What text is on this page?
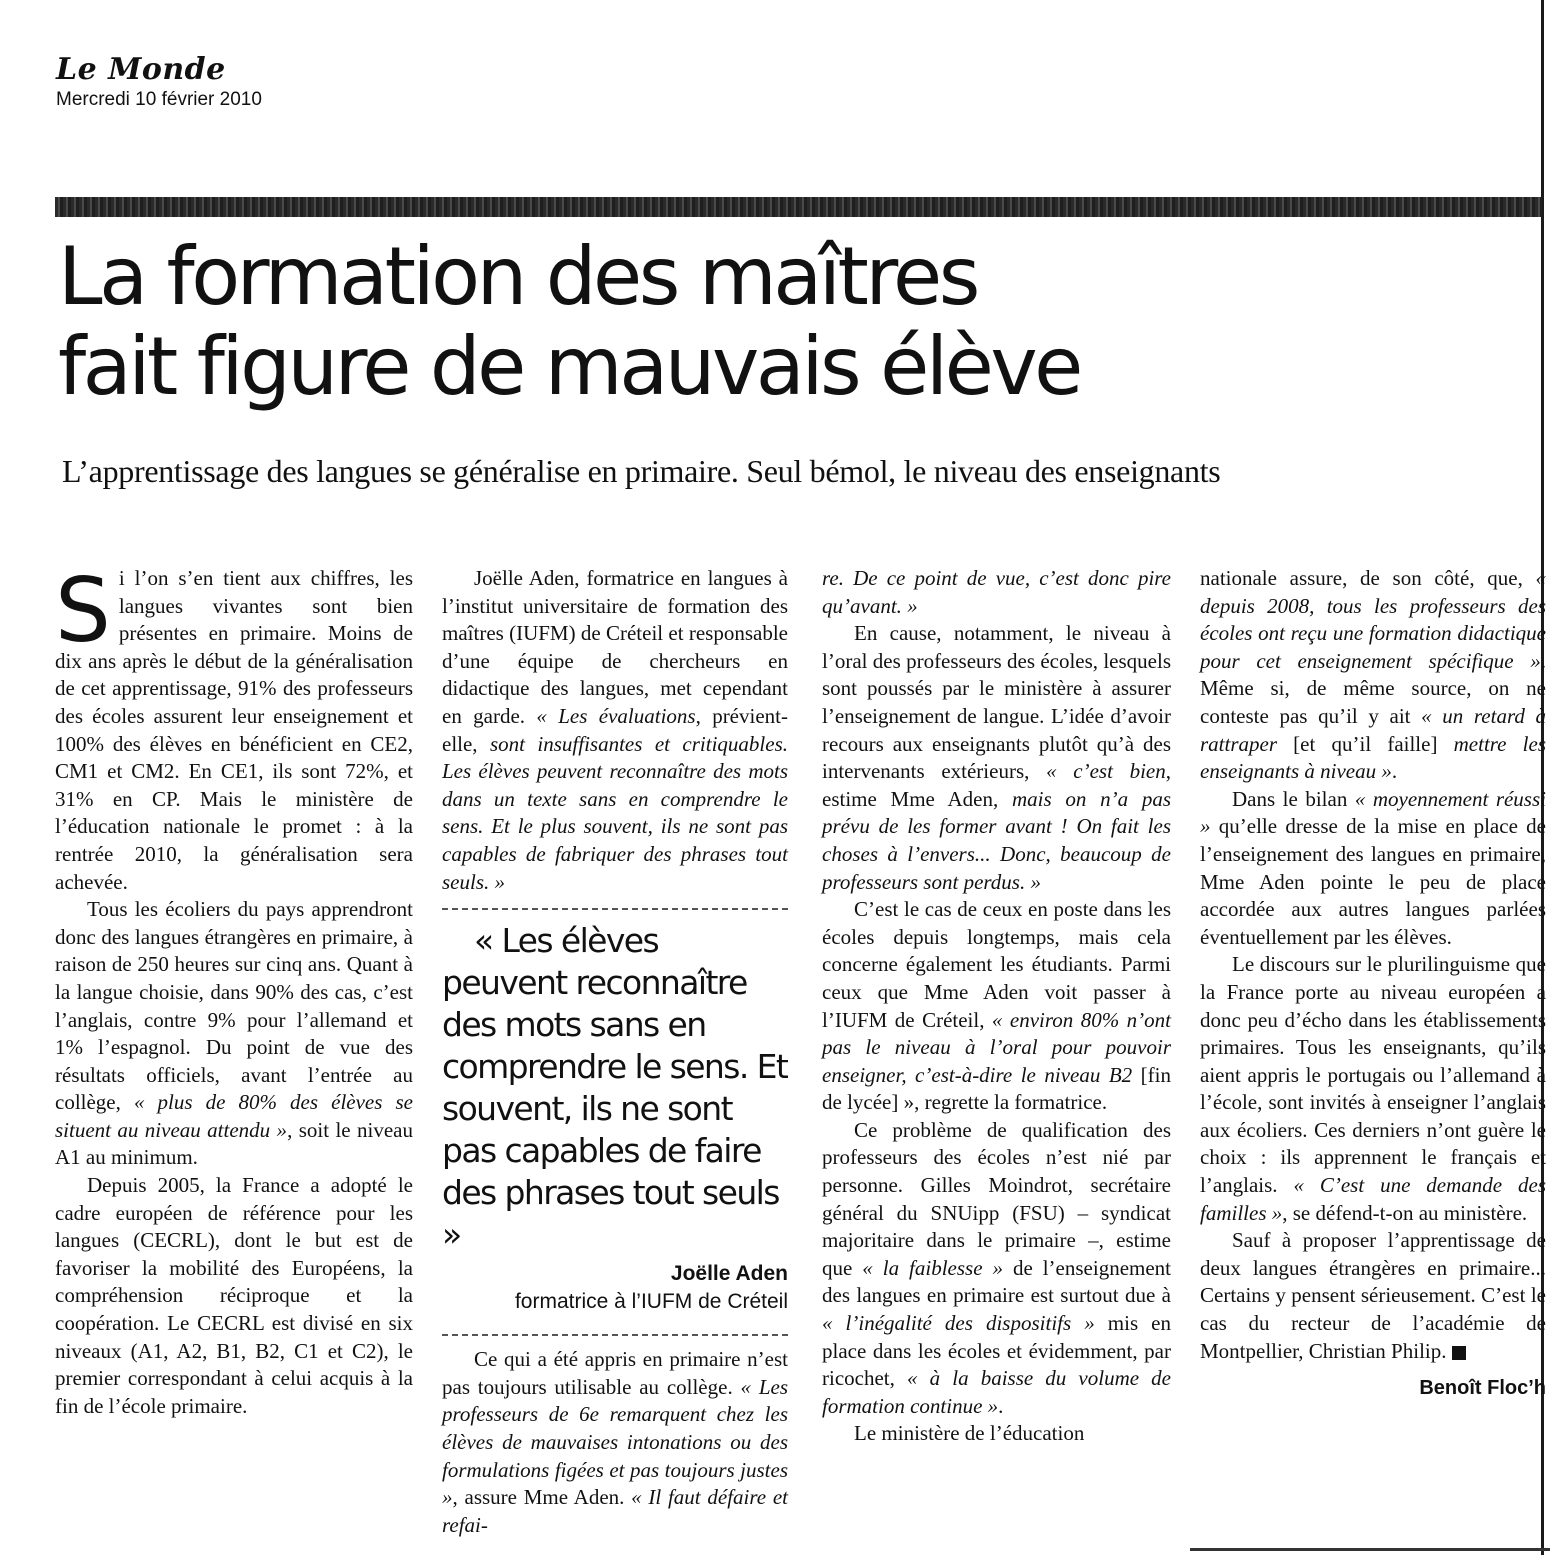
Le Monde
Mercredi 10 février 2010
La formation des maîtres
fait figure de mauvais élève
L’apprentissage des langues se généralise en primaire. Seul bémol, le niveau des enseignants

Si l’on s’en tient aux chiffres, les langues vivantes sont bien présentes en primaire. Moins de dix ans après le début de la généralisation de cet apprentissage, 91% des professeurs des écoles assurent leur enseignement et 100% des élèves en bénéficient en CE2, CM1 et CM2. En CE1, ils sont 72%, et 31% en CP. Mais le ministère de l’éducation nationale le promet : à la rentrée 2010, la généralisation sera achevée.

Tous les écoliers du pays apprendront donc des langues étrangères en primaire, à raison de 250 heures sur cinq ans. Quant à la langue choisie, dans 90% des cas, c’est l’anglais, contre 9% pour l’allemand et 1% l’espagnol. Du point de vue des résultats officiels, avant l’entrée au collège, « plus de 80% des élèves se situent au niveau attendu », soit le niveau A1 au minimum.

Depuis 2005, la France a adopté le cadre européen de référence pour les langues (CECRL), dont le but est de favoriser la mobilité des Européens, la compréhension réciproque et la coopération. Le CECRL est divisé en six niveaux (A1, A2, B1, B2, C1 et C2), le premier correspondant à celui acquis à la fin de l’école primaire.

Joëlle Aden, formatrice en langues à l’institut universitaire de formation des maîtres (IUFM) de Créteil et responsable d’une équipe de chercheurs en didactique des langues, met cependant en garde. « Les évaluations, prévient-elle, sont insuffisantes et critiquables. Les élèves peuvent reconnaître des mots dans un texte sans en comprendre le sens. Et le plus souvent, ils ne sont pas capables de fabriquer des phrases tout seuls. »

« Les élèves peuvent reconnaître des mots sans en comprendre le sens. Et souvent, ils ne sont pas capables de faire des phrases tout seuls »

Joëlle Aden
formatrice à l’IUFM de Créteil

Ce qui a été appris en primaire n’est pas toujours utilisable au collège. « Les professeurs de 6e remarquent chez les élèves de mauvaises intonations ou des formulations figées et pas toujours justes », assure Mme Aden. « Il faut défaire et refai-

re. De ce point de vue, c’est donc pire qu’avant. »

En cause, notamment, le niveau à l’oral des professeurs des écoles, lesquels sont poussés par le ministère à assurer l’enseignement de langue. L’idée d’avoir recours aux enseignants plutôt qu’à des intervenants extérieurs, « c’est bien, estime Mme Aden, mais on n’a pas prévu de les former avant ! On fait les choses à l’envers... Donc, beaucoup de professeurs sont perdus. »

C’est le cas de ceux en poste dans les écoles depuis longtemps, mais cela concerne également les étudiants. Parmi ceux que Mme Aden voit passer à l’IUFM de Créteil, « environ 80% n’ont pas le niveau à l’oral pour pouvoir enseigner, c’est-à-dire le niveau B2 [fin de lycée] », regrette la formatrice.

Ce problème de qualification des professeurs des écoles n’est nié par personne. Gilles Moindrot, secrétaire général du SNUipp (FSU) – syndicat majoritaire dans le primaire –, estime que « la faiblesse » de l’enseignement des langues en primaire est surtout due à « l’inégalité des dispositifs » mis en place dans les écoles et évidemment, par ricochet, « à la baisse du volume de formation continue ».

Le ministère de l’éducation

nationale assure, de son côté, que, « depuis 2008, tous les professeurs des écoles ont reçu une formation didactique pour cet enseignement spécifique ». Même si, de même source, on ne conteste pas qu’il y ait « un retard à rattraper [et qu’il faille] mettre les enseignants à niveau ».

Dans le bilan « moyennement réussi » qu’elle dresse de la mise en place de l’enseignement des langues en primaire, Mme Aden pointe le peu de place accordée aux autres langues parlées éventuellement par les élèves.

Le discours sur le plurilinguisme que la France porte au niveau européen a donc peu d’écho dans les établissements primaires. Tous les enseignants, qu’ils aient appris le portugais ou l’allemand à l’école, sont invités à enseigner l’anglais aux écoliers. Ces derniers n’ont guère le choix : ils apprennent le français et l’anglais. « C’est une demande des familles », se défend-t-on au ministère.

Sauf à proposer l’apprentissage de deux langues étrangères en primaire... Certains y pensent sérieusement. C’est le cas du recteur de l’académie de Montpellier, Christian Philip.

Benoît Floc’h
